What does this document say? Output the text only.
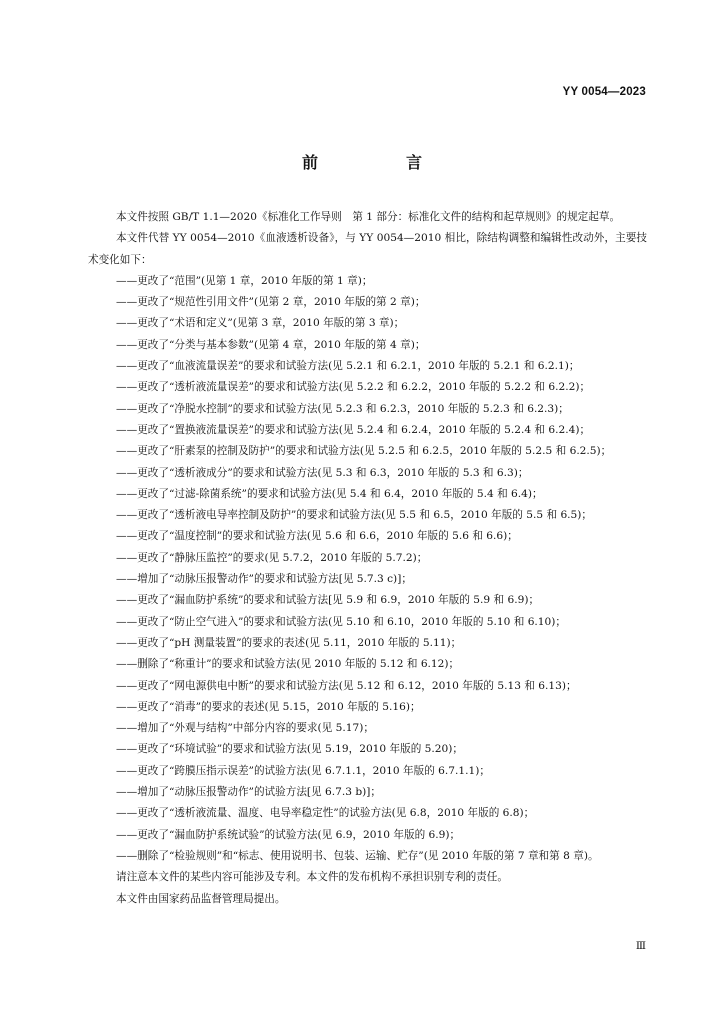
YY 0054—2023
前　言

本文件按照 GB/T 1.1—2020《标准化工作导则　第 1 部分：标准化文件的结构和起草规则》的规定起草。

本文件代替 YY 0054—2010《血液透析设备》，与 YY 0054—2010 相比，除结构调整和编辑性改动外，主要技术变化如下：

——更改了“范围”(见第 1 章，2010 年版的第 1 章)；
——更改了“规范性引用文件”(见第 2 章，2010 年版的第 2 章)；
——更改了“术语和定义”(见第 3 章，2010 年版的第 3 章)；
——更改了“分类与基本参数”(见第 4 章，2010 年版的第 4 章)；
——更改了“血液流量误差”的要求和试验方法(见 5.2.1 和 6.2.1，2010 年版的 5.2.1 和 6.2.1)；
——更改了“透析液流量误差”的要求和试验方法(见 5.2.2 和 6.2.2，2010 年版的 5.2.2 和 6.2.2)；
——更改了“净脱水控制”的要求和试验方法(见 5.2.3 和 6.2.3，2010 年版的 5.2.3 和 6.2.3)；
——更改了“置换液流量误差”的要求和试验方法(见 5.2.4 和 6.2.4，2010 年版的 5.2.4 和 6.2.4)；
——更改了“肝素泵的控制及防护”的要求和试验方法(见 5.2.5 和 6.2.5，2010 年版的 5.2.5 和 6.2.5)；
——更改了“透析液成分”的要求和试验方法(见 5.3 和 6.3，2010 年版的 5.3 和 6.3)；
——更改了“过滤-除菌系统”的要求和试验方法(见 5.4 和 6.4，2010 年版的 5.4 和 6.4)；
——更改了“透析液电导率控制及防护”的要求和试验方法(见 5.5 和 6.5，2010 年版的 5.5 和 6.5)；
——更改了“温度控制”的要求和试验方法(见 5.6 和 6.6，2010 年版的 5.6 和 6.6)；
——更改了“静脉压监控”的要求(见 5.7.2，2010 年版的 5.7.2)；
——增加了“动脉压报警动作”的要求和试验方法[见 5.7.3 c)]；
——更改了“漏血防护系统”的要求和试验方法[见 5.9 和 6.9，2010 年版的 5.9 和 6.9)；
——更改了“防止空气进入”的要求和试验方法(见 5.10 和 6.10，2010 年版的 5.10 和 6.10)；
——更改了“pH 测量装置”的要求的表述(见 5.11，2010 年版的 5.11)；
——删除了“称重计”的要求和试验方法(见 2010 年版的 5.12 和 6.12)；
——更改了“网电源供电中断”的要求和试验方法(见 5.12 和 6.12，2010 年版的 5.13 和 6.13)；
——更改了“消毒”的要求的表述(见 5.15，2010 年版的 5.16)；
——增加了“外观与结构”中部分内容的要求(见 5.17)；
——更改了“环境试验”的要求和试验方法(见 5.19，2010 年版的 5.20)；
——更改了“跨膜压指示误差”的试验方法(见 6.7.1.1，2010 年版的 6.7.1.1)；
——增加了“动脉压报警动作”的试验方法[见 6.7.3 b)]；
——更改了“透析液流量、温度、电导率稳定性”的试验方法(见 6.8，2010 年版的 6.8)；
——更改了“漏血防护系统试验”的试验方法(见 6.9，2010 年版的 6.9)；
——删除了“检验规则”和“标志、使用说明书、包装、运输、贮存”(见 2010 年版的第 7 章和第 8 章)。

请注意本文件的某些内容可能涉及专利。本文件的发布机构不承担识别专利的责任。

本文件由国家药品监督管理局提出。

Ⅲ
